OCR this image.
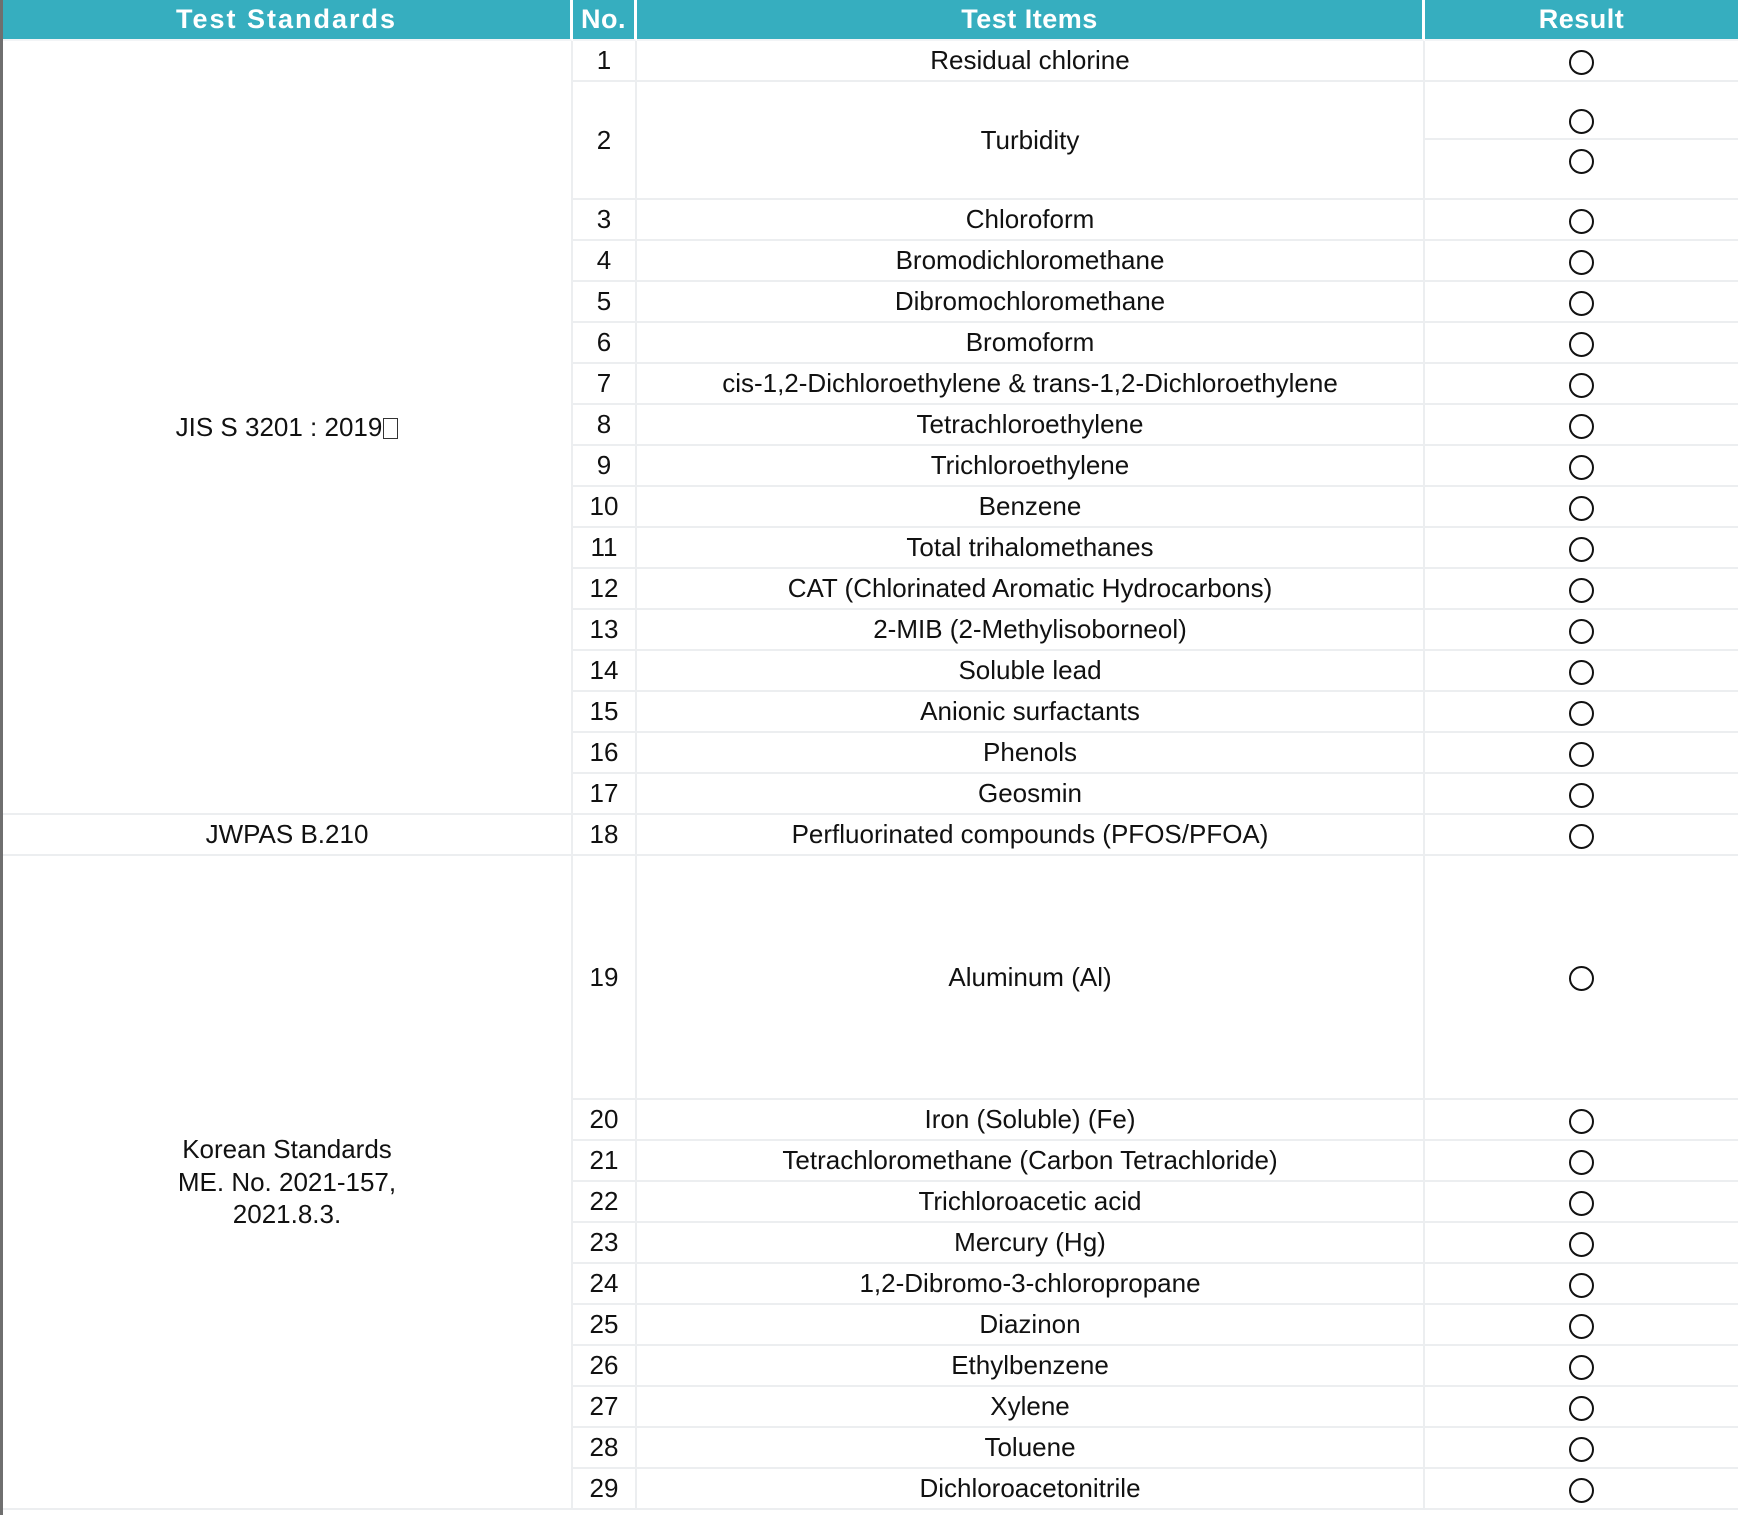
Test Standards	No.	Test Items	Result
JIS S 3201 : 2019	1	Residual chlorine	
2	Turbidity	

3	Chloroform	
4	Bromodichloromethane	
5	Dibromochloromethane	
6	Bromoform	
7	cis-1,2-Dichloroethylene & trans-1,2-Dichloroethylene	
8	Tetrachloroethylene	
9	Trichloroethylene	
10	Benzene	
11	Total trihalomethanes	
12	CAT (Chlorinated Aromatic Hydrocarbons)	
13	2-MIB (2-Methylisoborneol)	
14	Soluble lead	
15	Anionic surfactants	
16	Phenols	
17	Geosmin	
JWPAS B.210	18	Perfluorinated compounds (PFOS/PFOA)	

Korean Standards
ME. No. 2021-157,
2021.8.3.
	19	Aluminum (Al)	
20	Iron (Soluble) (Fe)	
21	Tetrachloromethane (Carbon Tetrachloride)	
22	Trichloroacetic acid	
23	Mercury (Hg)	
24	1,2-Dibromo-3-chloropropane	
25	Diazinon	
26	Ethylbenzene	
27	Xylene	
28	Toluene	
29	Dichloroacetonitrile	
